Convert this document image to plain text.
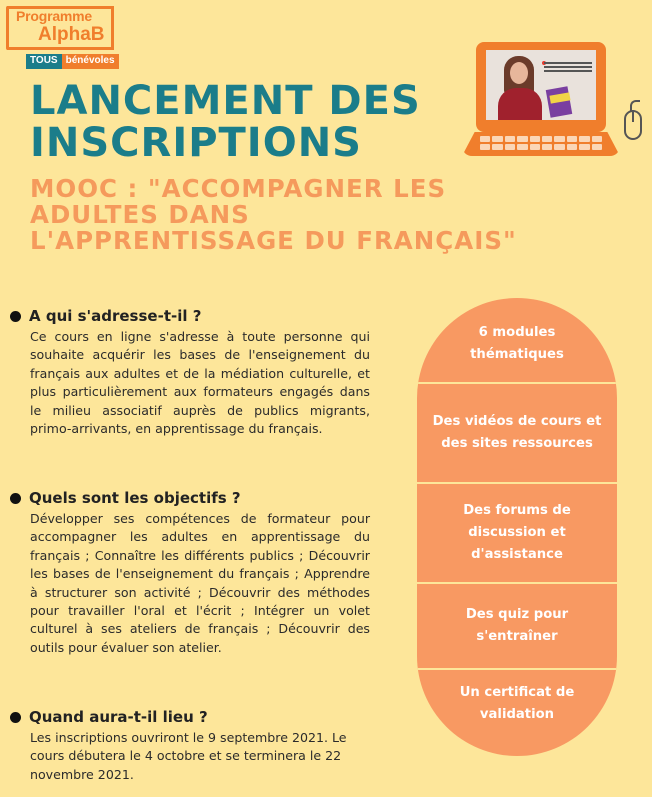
Programme
AlphaB
TOUS bénévoles
LANCEMENT DES INSCRIPTIONS
MOOC : "ACCOMPAGNER LES ADULTES DANS L'APPRENTISSAGE DU FRANÇAIS"
A qui s'adresse-t-il ?

Ce cours en ligne s'adresse à toute personne qui souhaite acquérir les bases de l'enseignement du français aux adultes et de la médiation culturelle, et plus particulièrement aux formateurs engagés dans le milieu associatif auprès de publics migrants, primo-arrivants, en apprentissage du français.

Quels sont les objectifs ?

Développer ses compétences de formateur pour accompagner les adultes en apprentissage du français ; Connaître les différents publics ; Découvrir les bases de l'enseignement du français ; Apprendre à structurer son activité ; Découvrir des méthodes pour travailler l'oral et l'écrit ; Intégrer un volet culturel à ses ateliers de français ; Découvrir des outils pour évaluer son atelier.

Quand aura-t-il lieu ?

Les inscriptions ouvriront le 9 septembre 2021. Le cours débutera le 4 octobre et se terminera le 22 novembre 2021.

6 modules thématiques
Des vidéos de cours et des sites ressources
Des forums de discussion et d'assistance
Des quiz pour s'entraîner
Un certificat de validation
